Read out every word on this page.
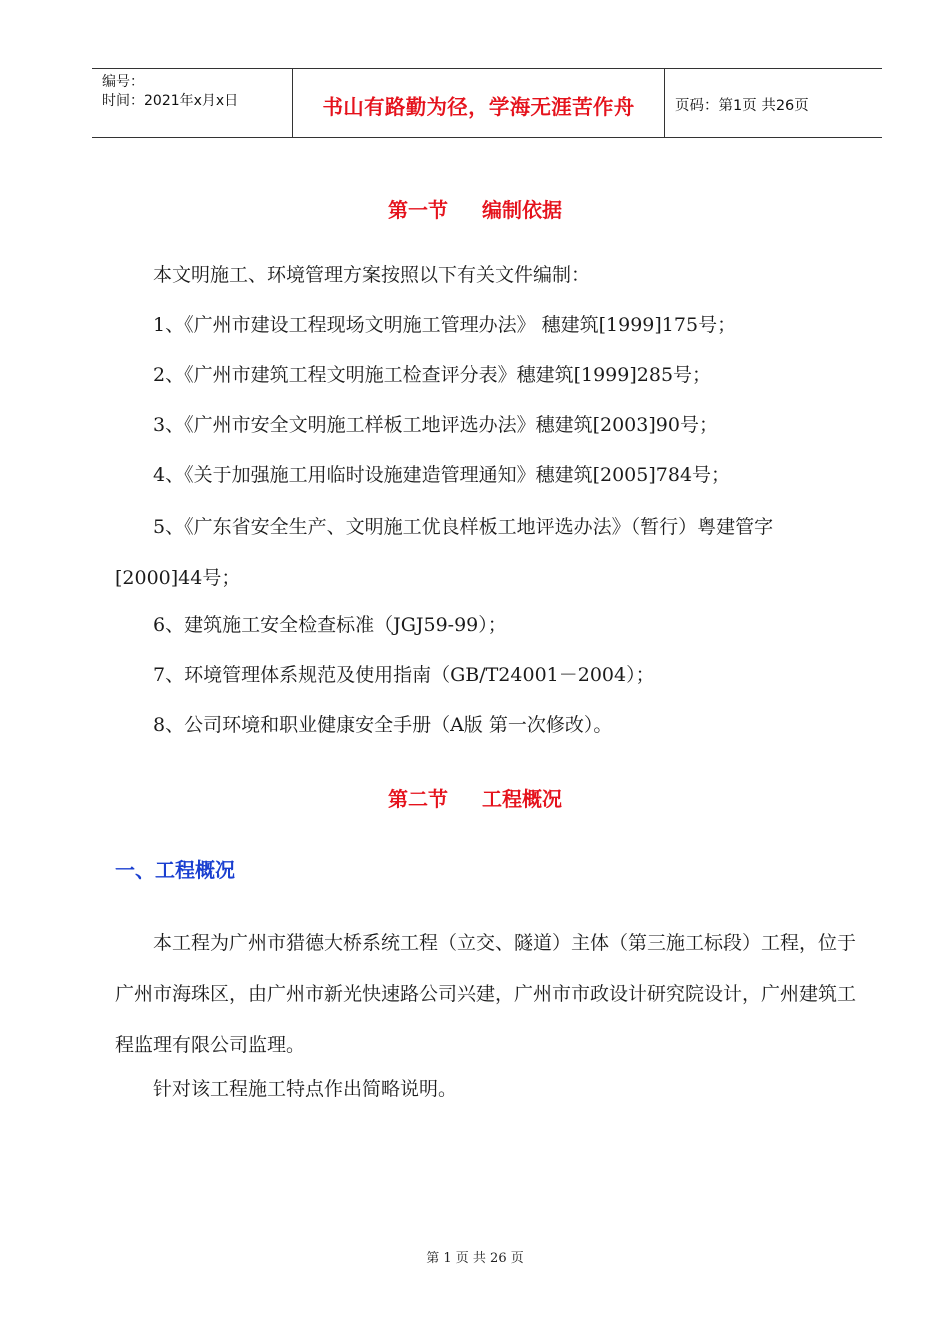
编号：
时间：2021年x月x日	书山有路勤为径，学海无涯苦作舟	页码：第1页 共26页
第一节 编制依据

本文明施工、环境管理方案按照以下有关文件编制：

1、《广州市建设工程现场文明施工管理办法》 穗建筑[1999]175号；

2、《广州市建筑工程文明施工检查评分表》穗建筑[1999]285号；

3、《广州市安全文明施工样板工地评选办法》穗建筑[2003]90号；

4、《关于加强施工用临时设施建造管理通知》穗建筑[2005]784号；

5、《广东省安全生产、文明施工优良样板工地评选办法》（暂行）粤建管字[2000]44号；

6、建筑施工安全检查标准（JGJ59-99）；

7、环境管理体系规范及使用指南（GB/T24001－2004）；

8、公司环境和职业健康安全手册（A版 第一次修改）。

第二节 工程概况
一、工程概况

本工程为广州市猎德大桥系统工程（立交、隧道）主体（第三施工标段）工程，位于广州市海珠区，由广州市新光快速路公司兴建，广州市市政设计研究院设计，广州建筑工程监理有限公司监理。

针对该工程施工特点作出简略说明。

第 1 页 共 26 页
